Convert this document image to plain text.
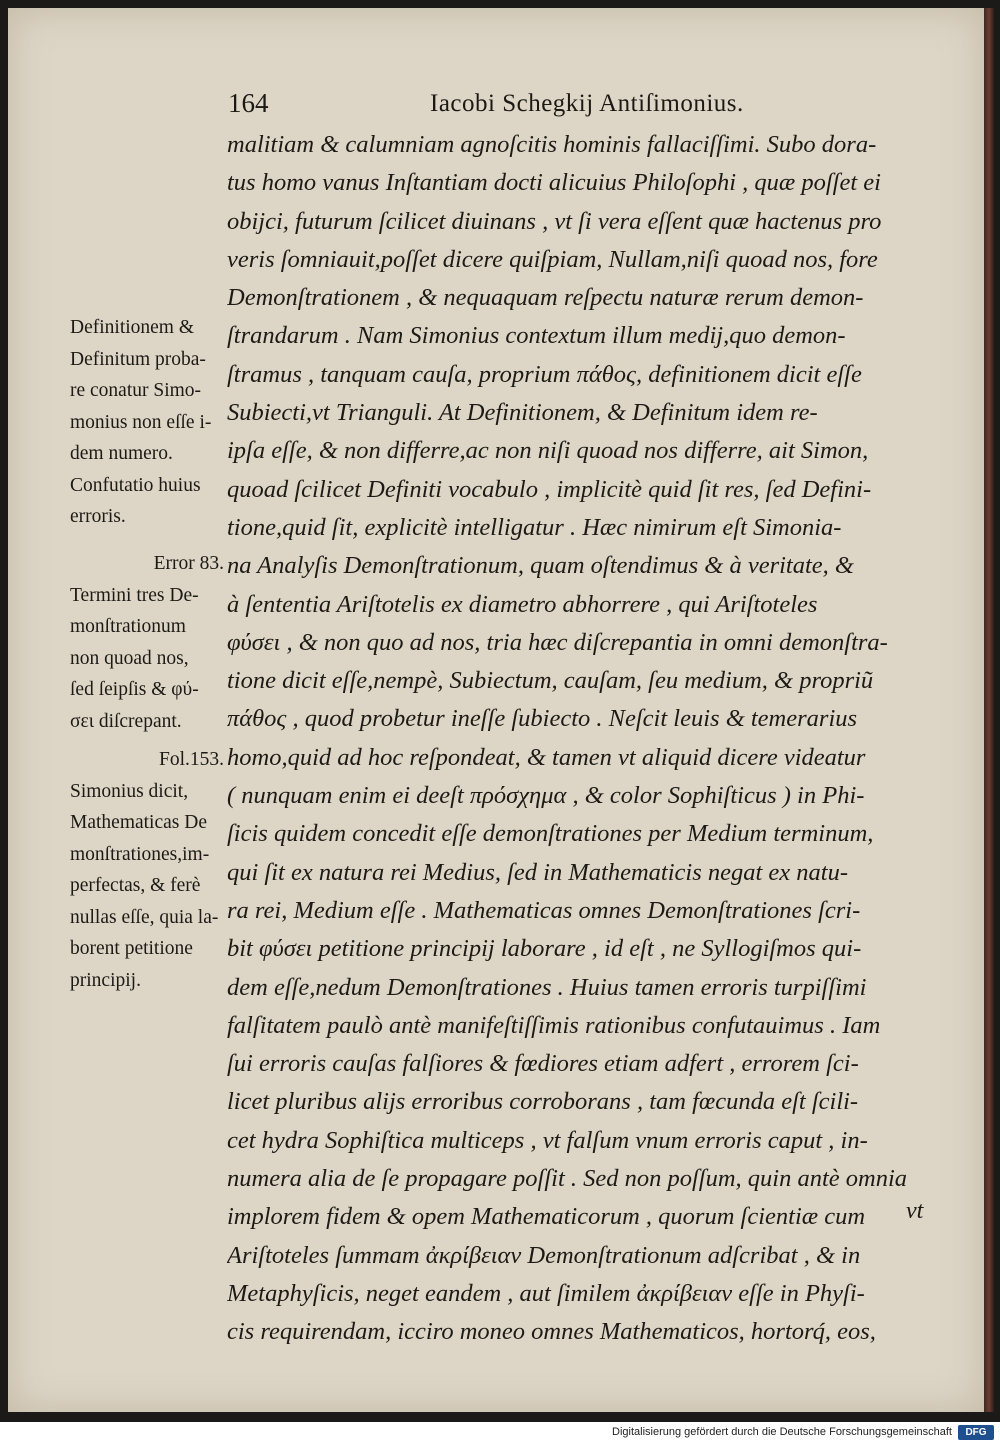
164	Iacobi Schegkij Antiſimonius.
malitiam & calumniam agnoſcitis hominis fallaciſſimi. Subo dora-
tus homo vanus Inſtantiam docti alicuius Philoſophi , quæ poſſet ei
obijci, futurum ſcilicet diuinans , vt ſi vera eſſent quæ hactenus pro
veris ſomniauit,poſſet dicere quiſpiam, Nullam,niſi quoad nos, fore
Demonſtrationem , & nequaquam reſpectu naturæ rerum demon-
ſtrandarum . Nam Simonius contextum illum medij,quo demon-
ſtramus , tanquam cauſa, proprium πάθος, definitionem dicit eſſe
Subiecti,vt Trianguli. At Definitionem, & Definitum idem re-
ipſa eſſe, & non differre,ac non niſi quoad nos differre, ait Simon,
quoad ſcilicet Definiti vocabulo , implicitè quid ſit res, ſed Defini-
tione,quid ſit, explicitè intelligatur . Hæc nimirum eſt Simonia-
na Analyſis Demonſtrationum, quam oſtendimus & à veritate, &
à ſententia Ariſtotelis ex diametro abhorrere , qui Ariſtoteles
φύσει , & non quo ad nos, tria hæc diſcrepantia in omni demonſtra-
tione dicit eſſe,nempè, Subiectum, cauſam, ſeu medium, & propriũ
πάθος , quod probetur ineſſe ſubiecto . Neſcit leuis & temerarius
homo,quid ad hoc reſpondeat, & tamen vt aliquid dicere videatur
( nunquam enim ei deeſt πρόσχημα , & color Sophiſticus ) in Phi-
ſicis quidem concedit eſſe demonſtrationes per Medium terminum,
qui ſit ex natura rei Medius, ſed in Mathematicis negat ex natu-
ra rei, Medium eſſe . Mathematicas omnes Demonſtrationes ſcri-
bit φύσει petitione principij laborare , id eſt , ne Syllogiſmos qui-
dem eſſe,nedum Demonſtrationes . Huius tamen erroris turpiſſimi
falſitatem paulò antè manifeſtiſſimis rationibus confutauimus . Iam
ſui erroris cauſas falſiores & fœdiores etiam adfert , errorem ſci-
licet pluribus alijs erroribus corroborans , tam fœcunda eſt ſcili-
cet hydra Sophiſtica multiceps , vt falſum vnum erroris caput , in-
numera alia de ſe propagare poſſit . Sed non poſſum, quin antè omnia
implorem fidem & opem Mathematicorum , quorum ſcientiæ cum
Ariſtoteles ſummam ἀκρίβειαν Demonſtrationum adſcribat , & in
Metaphyſicis, neget eandem , aut ſimilem ἀκρίβειαν eſſe in Phyſi-
cis requirendam, icciro moneo omnes Mathematicos, hortorq́, eos,
vt
Definitionem &
Definitum proba-
re conatur Simo-
monius non eſſe i-
dem numero.
Confutatio huius
erroris.
Error 83.
Termini tres De-
monſtrationum
non quoad nos,
ſed ſeipſis & φύ-
σει diſcrepant.
Fol.153.
Simonius dicit,
Mathematicas De
monſtrationes,im-
perfectas, & ferè
nullas eſſe, quia la-
borent petitione
principij.
Digitalisierung gefördert durch die Deutsche Forschungsgemeinschaft	DFG
